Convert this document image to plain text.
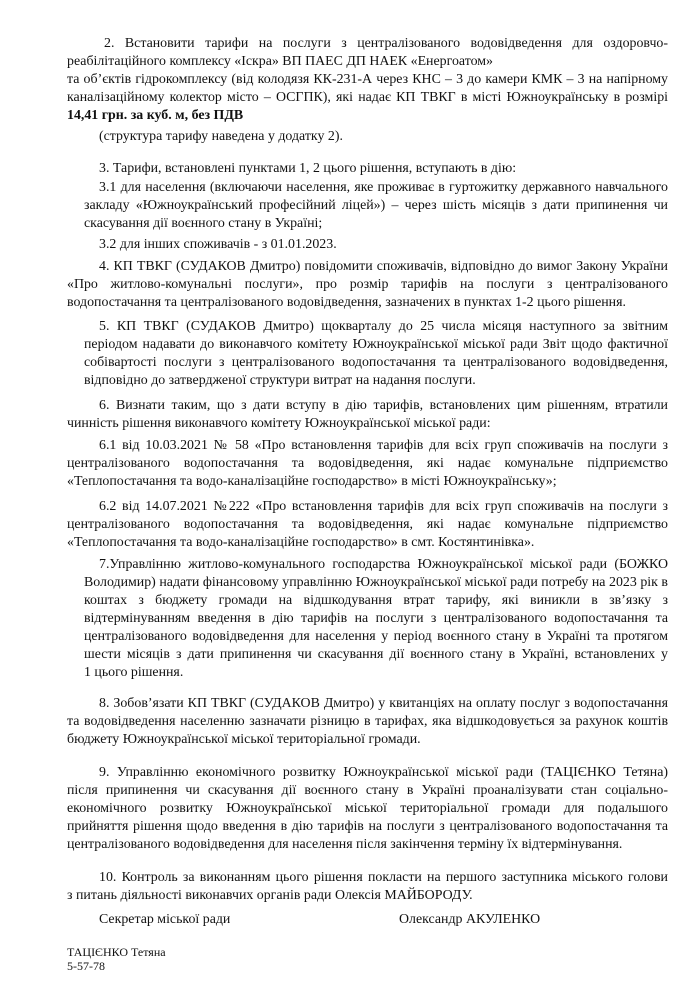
2. Встановити тарифи на послуги з централізованого водовідведення для оздоровчо-

реабілітаційного комплексу «Іскра» ВП ПАЕС ДП НАЕК «Енергоатом»

та об’єктів гідрокомплексу (від колодязя КК-231-А через КНС – 3 до камери КМК – 3 на напірному

каналізаційному колектор місто – ОСГПК), які надає КП ТВКГ в місті Южноукраїнську в розмірі

14,41 грн. за куб. м, без ПДВ

(структура тарифу наведена у додатку 2).

3. Тарифи, встановлені пунктами 1, 2 цього рішення, вступають в дію:

3.1 для населення (включаючи населення, яке проживає в гуртожитку державного навчального

закладу «Южноукраїнський професійний ліцей») – через шість місяців з дати припинення чи

скасування дії воєнного стану в Україні;

3.2 для інших споживачів - з 01.01.2023.

4. КП ТВКГ (СУДАКОВ Дмитро) повідомити споживачів, відповідно до вимог Закону України

«Про житлово-комунальні послуги», про розмір тарифів на послуги з централізованого

водопостачання та централізованого водовідведення, зазначених в пунктах 1-2 цього рішення.

5. КП ТВКГ (СУДАКОВ Дмитро) щокварталу до 25 числа місяця наступного за звітним

періодом надавати до виконавчого комітету Южноукраїнської міської ради Звіт щодо фактичної

собівартості послуги з централізованого водопостачання та централізованого водовідведення,

відповідно до затвердженої структури витрат на надання послуги.

6. Визнати таким, що з дати вступу в дію тарифів, встановлених цим рішенням, втратили

чинність рішення виконавчого комітету Южноукраїнської міської ради:

6.1 від 10.03.2021 № 58 «Про встановлення тарифів для всіх груп споживачів на послуги з

централізованого водопостачання та водовідведення, які надає комунальне підприємство

«Теплопостачання та водо-каналізаційне господарство» в місті Южноукраїнську»;

6.2 від 14.07.2021 №222 «Про встановлення тарифів для всіх груп споживачів на послуги з

централізованого водопостачання та водовідведення, які надає комунальне підприємство

«Теплопостачання та водо-каналізаційне господарство» в смт. Костянтинівка».

7.Управлінню житлово-комунального господарства Южноукраїнської міської ради (БОЖКО

Володимир) надати фінансовому управлінню Южноукраїнської міської ради потребу на 2023 рік в

коштах з бюджету громади на відшкодування втрат тарифу, які виникли в зв’язку з

відтермінуванням введення в дію тарифів на послуги з централізованого водопостачання та

централізованого водовідведення для населення у період воєнного стану в Україні та протягом

шести місяців з дати припинення чи скасування дії воєнного стану в Україні, встановлених у

1 цього рішення.

8. Зобов’язати КП ТВКГ (СУДАКОВ Дмитро) у квитанціях на оплату послуг з водопостачання

та водовідведення населенню зазначати різницю в тарифах, яка відшкодовується за рахунок коштів

бюджету Южноукраїнської міської територіальної громади.

9. Управлінню економічного розвитку Южноукраїнської міської ради (ТАЦІЄНКО Тетяна)

після припинення чи скасування дії воєнного стану в Україні проаналізувати стан соціально-

економічного розвитку Южноукраїнської міської територіальної громади для подальшого

прийняття рішення щодо введення в дію тарифів на послуги з централізованого водопостачання та

централізованого водовідведення для населення після закінчення терміну їх відтермінування.

10. Контроль за виконанням цього рішення покласти на першого заступника міського голови

з питань діяльності виконавчих органів ради Олексія МАЙБОРОДУ.

Секретар міської ради	Олександр АКУЛЕНКО

ТАЦІЄНКО Тетяна

5-57-78
